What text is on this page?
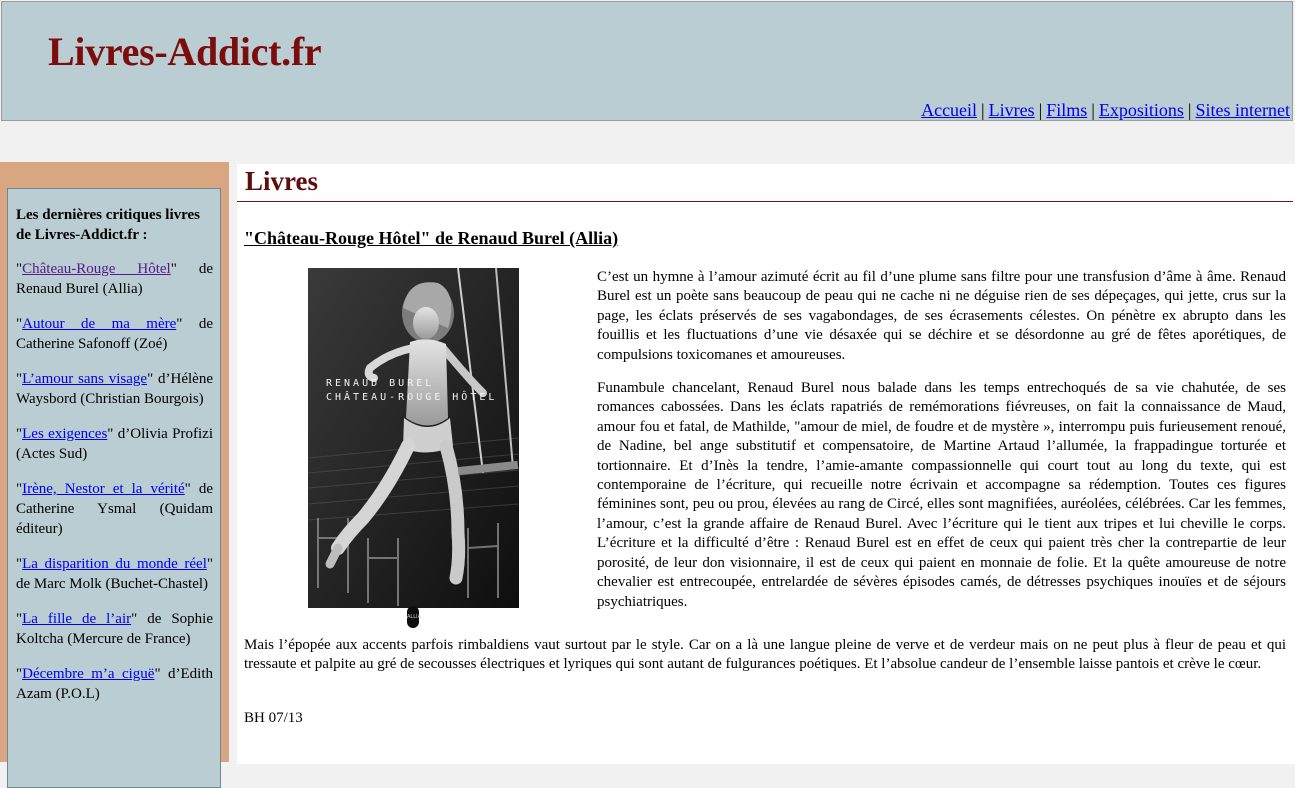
Livres-Addict.fr
Accueil | Livres | Films | Expositions | Sites internet

Les dernières critiques livres de Livres-Addict.fr :

"Château-Rouge Hôtel" de Renaud Burel (Allia)

"Autour de ma mère" de Catherine Safonoff (Zoé)

"L’amour sans visage" d’Hélène Waysbord (Christian Bourgois)

"Les exigences" d’Olivia Profizi (Actes Sud)

"Irène, Nestor et la vérité" de Catherine Ysmal (Quidam éditeur)

"La disparition du monde réel" de Marc Molk (Buchet-Chastel)

"La fille de l’air" de Sophie Koltcha (Mercure de France)

"Décembre m’a ciguë" d’Edith Azam (P.O.L)

Livres
"Château-Rouge Hôtel" de Renaud Burel (Allia)
RENAUD BUREL
CHÂTEAU-ROUGE HÔTEL
ALLIA

C’est un hymne à l’amour azimuté écrit au fil d’une plume sans filtre pour une transfusion d’âme à âme. Renaud Burel est un poète sans beaucoup de peau qui ne cache ni ne déguise rien de ses dépeçages, qui jette, crus sur la page, les éclats préservés de ses vagabondages, de ses écrasements célestes. On pénètre ex abrupto dans les fouillis et les fluctuations d’une vie désaxée qui se déchire et se désordonne au gré de fêtes aporétiques, de compulsions toxicomanes et amoureuses.

Funambule chancelant, Renaud Burel nous balade dans les temps entrechoqués de sa vie chahutée, de ses romances cabossées. Dans les éclats rapatriés de remémorations fiévreuses, on fait la connaissance de Maud, amour fou et fatal, de Mathilde, "amour de miel, de foudre et de mystère », interrompu puis furieusement renoué, de Nadine, bel ange substitutif et compensatoire, de Martine Artaud l’allumée, la frappadingue torturée et tortionnaire. Et d’Inès la tendre, l’amie-amante compassionnelle qui court tout au long du texte, qui est contemporaine de l’écriture, qui recueille notre écrivain et accompagne sa rédemption. Toutes ces figures féminines sont, peu ou prou, élevées au rang de Circé, elles sont magnifiées, auréolées, célébrées. Car les femmes, l’amour, c’est la grande affaire de Renaud Burel. Avec l’écriture qui le tient aux tripes et lui cheville le corps. L’écriture et la difficulté d’être : Renaud Burel est en effet de ceux qui paient très cher la contrepartie de leur porosité, de leur don visionnaire, il est de ceux qui paient en monnaie de folie. Et la quête amoureuse de notre chevalier est entrecoupée, entrelardée de sévères épisodes camés, de détresses psychiques inouïes et de séjours psychiatriques.

Mais l’épopée aux accents parfois rimbaldiens vaut surtout par le style. Car on a là une langue pleine de verve et de verdeur mais on ne peut plus à fleur de peau et qui tressaute et palpite au gré de secousses électriques et lyriques qui sont autant de fulgurances poétiques. Et l’absolue candeur de l’ensemble laisse pantois et crève le cœur.

BH 07/13
